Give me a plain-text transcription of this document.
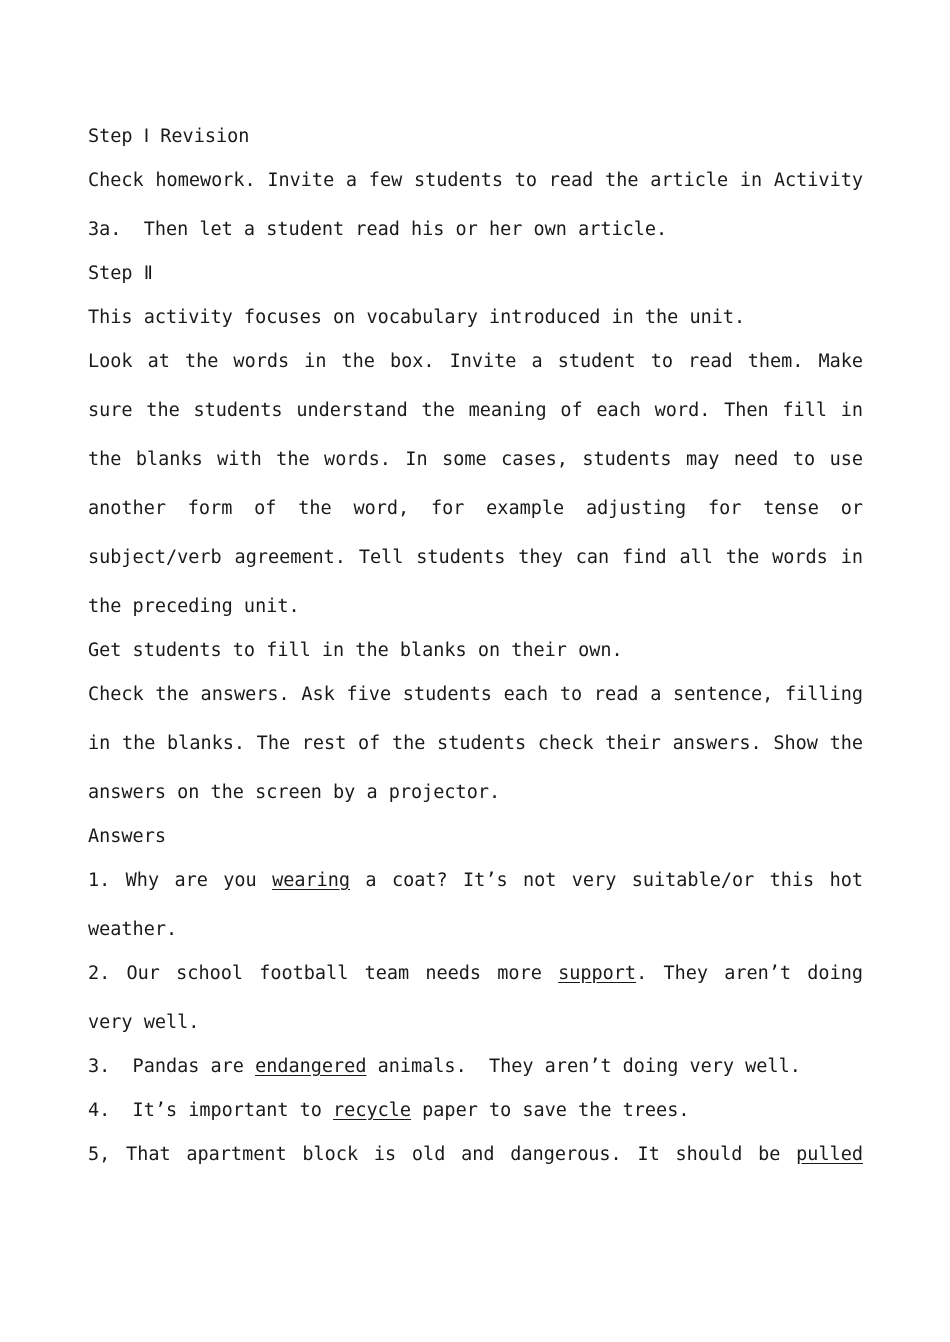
Step Ⅰ Revision
Check homework. Invite a few students to read the article in Activity
3a.  Then let a student read his or her own article.
Step Ⅱ
This activity focuses on vocabulary introduced in the unit.
Look at the words in the box. Invite a student to read them. Make
sure the students understand the meaning of each word. Then fill in
the blanks with the words. In some cases, students may need to use
another form of the word, for example adjusting for tense or
subject/verb agreement. Tell students they can find all the words in
the preceding unit.
Get students to fill in the blanks on their own.
Check the answers. Ask five students each to read a sentence, filling
in the blanks. The rest of the students check their answers. Show the
answers on the screen by a projector.
Answers
1. Why are you wearing a coat? It’s not very suitable/or this hot
weather.
2. Our school football team needs more support. They aren’t doing
very well.
3.  Pandas are endangered animals.  They aren’t doing very well.
4.  It’s important to recycle paper to save the trees.
5, That apartment block is old and dangerous. It should be pulled
